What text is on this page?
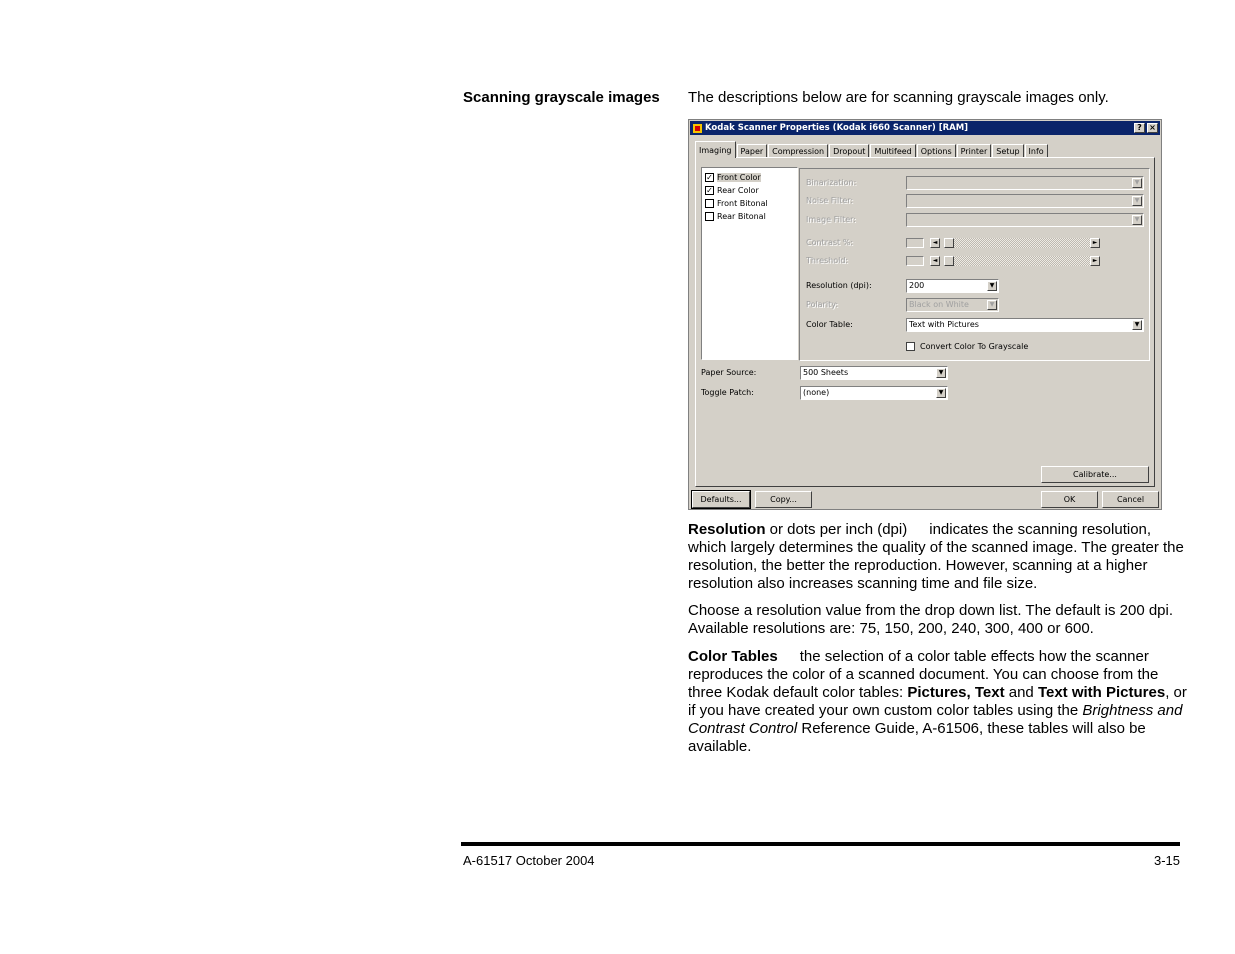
Scanning grayscale images The descriptions below are for scanning grayscale images only.
Kodak Scanner Properties (Kodak i660 Scanner) [RAM]	? ×
Imaging	Paper	Compression	Dropout	Multifeed	Options	Printer	Setup	Info
✓ Front Color
✓ Rear Color
Front Bitonal
Rear Bitonal
Binarization:	▼
Noise Filter:	▼
Image Filter:	▼
Contrast %:	◄	►
Threshold:	◄	►
Resolution (dpi):	200	▼
Polarity:	Black on White	▼
Color Table:	Text with Pictures	▼
Convert Color To Grayscale
Paper Source:	500 Sheets	▼
Toggle Patch:	(none)	▼
Calibrate...
Defaults...	Copy...	OK	Cancel
Resolution or dots per inch (dpi) indicates the scanning resolution, which largely determines the quality of the scanned image. The greater the resolution, the better the reproduction. However, scanning at a higher resolution also increases scanning time and file size.
Choose a resolution value from the drop down list. The default is 200 dpi. Available resolutions are: 75, 150, 200, 240, 300, 400 or 600.
Color Tables the selection of a color table effects how the scanner reproduces the color of a scanned document. You can choose from the three Kodak default color tables: Pictures, Text and Text with Pictures, or if you have created your own custom color tables using the Brightness and Contrast Control Reference Guide, A-61506, these tables will also be available.
A-61517 October 2004	3-15
